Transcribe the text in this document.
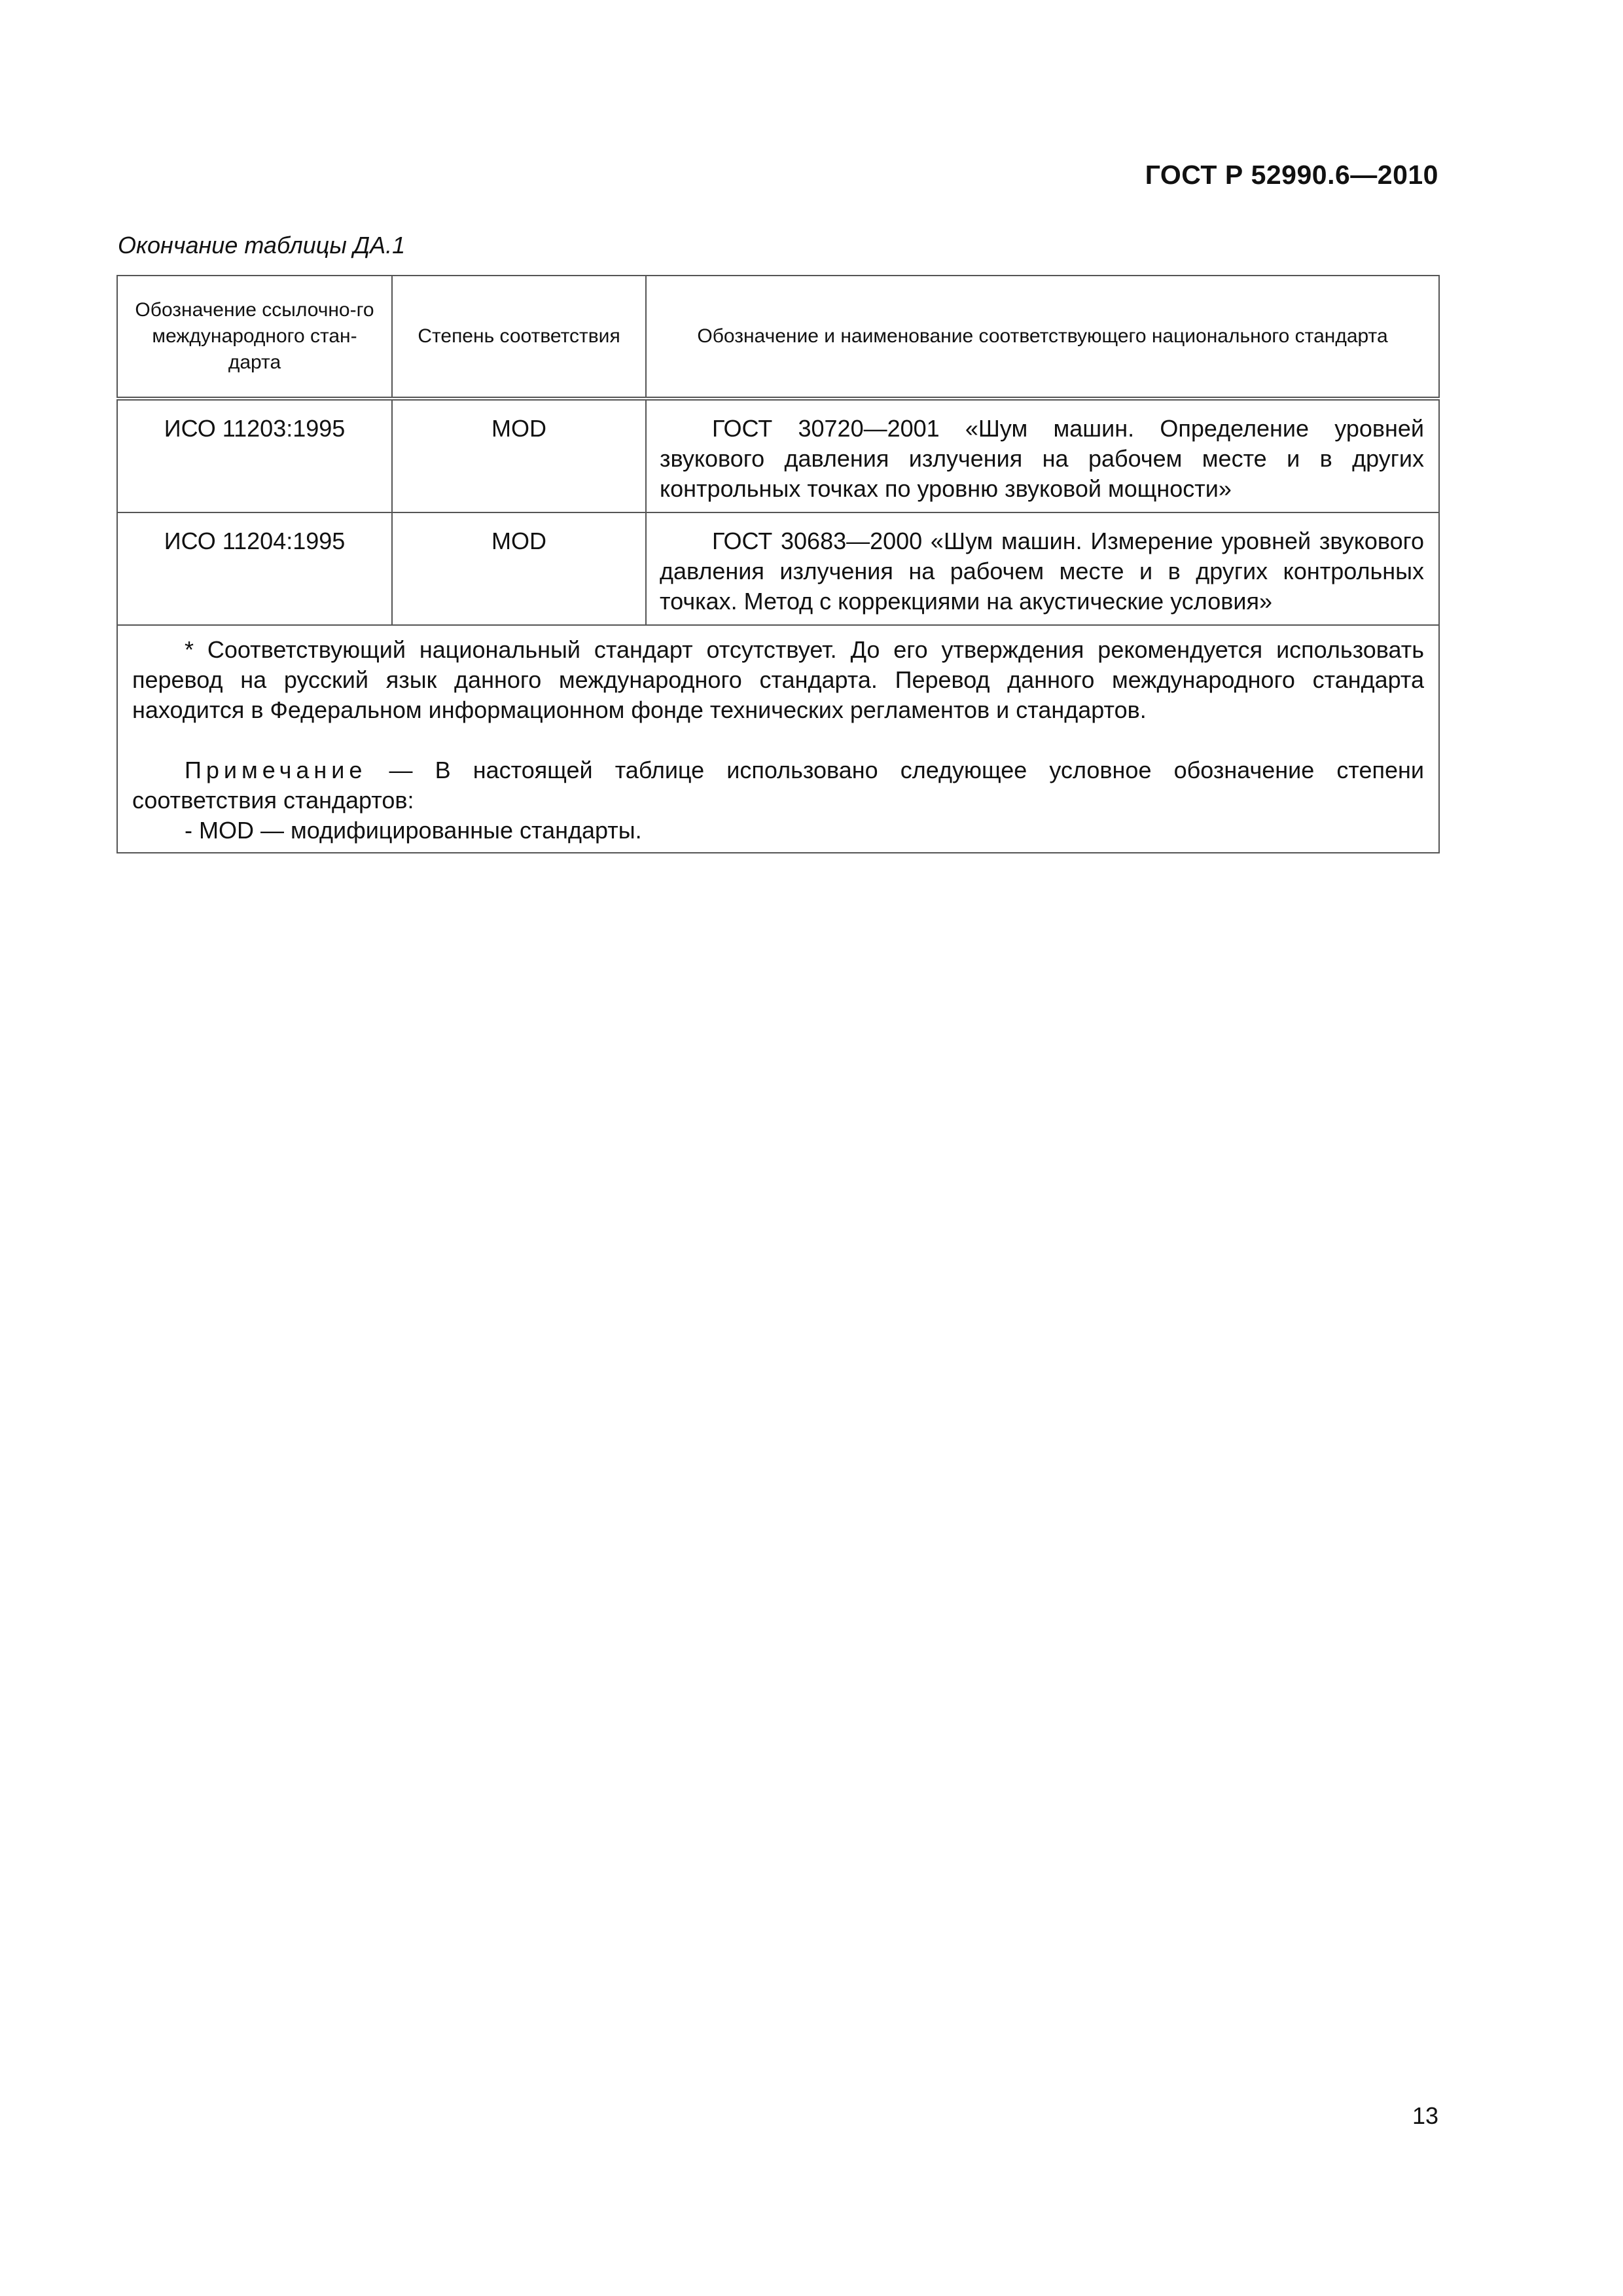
ГОСТ Р 52990.6—2010
Окончание таблицы ДА.1
Обозначение ссылочно-го международного стан-дарта	Степень соответствия	Обозначение и наименование соответствующего национального стандарта
ИСО 11203:1995	MOD	ГОСТ 30720—2001 «Шум машин. Определение уровней звукового давления излучения на рабочем месте и в других контрольных точках по уровню звуковой мощности»
ИСО 11204:1995	MOD	ГОСТ 30683—2000 «Шум машин. Измерение уровней звукового давления излучения на рабочем месте и в других контрольных точках. Метод с коррекциями на акустические условия»

* Соответствующий национальный стандарт отсутствует. До его утверждения рекомендуется использовать перевод на русский язык данного международного стандарта. Перевод данного международного стандарта находится в Федеральном информационном фонде технических регламентов и стандартов.

Примечание — В настоящей таблице использовано следующее условное обозначение степени соответствия стандартов:

- MOD — модифицированные стандарты.		

13
